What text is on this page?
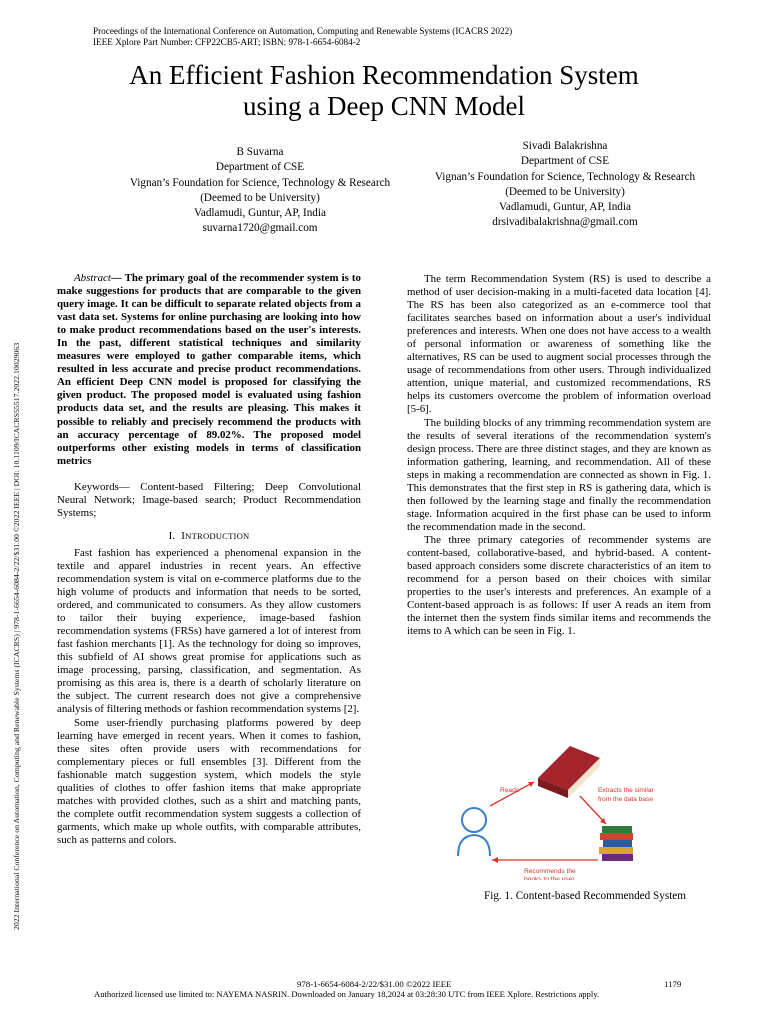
Proceedings of the International Conference on Automation, Computing and Renewable Systems (ICACRS 2022)
IEEE Xplore Part Number: CFP22CB5-ART; ISBN: 978-1-6654-6084-2
An Efficient Fashion Recommendation System
using a Deep CNN Model
B Suvarna
Department of CSE
Vignan’s Foundation for Science, Technology & Research
(Deemed to be University)
Vadlamudi, Guntur, AP, India
suvarna1720@gmail.com
Sivadi Balakrishna
Department of CSE
Vignan’s Foundation for Science, Technology & Research
(Deemed to be University)
Vadlamudi, Guntur, AP, India
drsivadibalakrishna@gmail.com
2022 International Conference on Automation, Computing and Renewable Systems (ICACRS) | 978-1-6654-6084-2/22/$31.00 ©2022 IEEE | DOI: 10.1109/ICACRS55517.2022.10029063

Abstract— The primary goal of the recommender system is to make suggestions for products that are comparable to the given query image. It can be difficult to separate related objects from a vast data set. Systems for online purchasing are looking into how to make product recommendations based on the user's interests. In the past, different statistical techniques and similarity measures were employed to gather comparable items, which resulted in less accurate and precise product recommendations. An efficient Deep CNN model is proposed for classifying the given product. The proposed model is evaluated using fashion products data set, and the results are pleasing. This makes it possible to reliably and precisely recommend the products with an accuracy percentage of 89.02%. The proposed model outperforms other existing models in terms of classification metrics

Keywords— Content-based Filtering; Deep Convolutional Neural Network; Image-based search; Product Recommendation Systems;

I. INTRODUCTION

Fast fashion has experienced a phenomenal expansion in the textile and apparel industries in recent years. An effective recommendation system is vital on e-commerce platforms due to the high volume of products and information that needs to be sorted, ordered, and communicated to consumers. As they allow customers to tailor their buying experience, image-based fashion recommendation systems (FRSs) have garnered a lot of interest from fast fashion merchants [1]. As the technology for doing so improves, this subfield of AI shows great promise for applications such as image processing, parsing, classification, and segmentation. As promising as this area is, there is a dearth of scholarly literature on the subject. The current research does not give a comprehensive analysis of filtering methods or fashion recommendation systems [2].

Some user-friendly purchasing platforms powered by deep learning have emerged in recent years. When it comes to fashion, these sites often provide users with recommendations for complementary pieces or full ensembles [3]. Different from the fashionable match suggestion system, which models the style qualities of clothes to offer fashion items that make appropriate matches with provided clothes, such as a shirt and matching pants, the complete outfit recommendation system suggests a collection of garments, which make up whole outfits, with comparable attributes, such as patterns and colors.

The term Recommendation System (RS) is used to describe a method of user decision-making in a multi-faceted data location [4]. The RS has been also categorized as an e-commerce tool that facilitates searches based on information about a user's individual preferences and interests. When one does not have access to a wealth of personal information or awareness of something like the alternatives, RS can be used to augment social processes through the usage of recommendations from other users. Through individualized attention, unique material, and customized recommendations, RS helps its customers overcome the problem of information overload [5-6].

The building blocks of any trimming recommendation system are the results of several iterations of the recommendation system's design process. There are three distinct stages, and they are known as information gathering, learning, and recommendation. All of these steps in making a recommendation are connected as shown in Fig. 1. This demonstrates that the first step in RS is gathering data, which is then followed by the learning stage and finally the recommendation stage. Information acquired in the first phase can be used to inform the recommendation made in the second.

The three primary categories of recommender systems are content-based, collaborative-based, and hybrid-based. A content-based approach considers some discrete characteristics of an item to recommend for a person based on their choices with similar properties to the user's interests and preferences. An example of a Content-based approach is as follows: If user A reads an item from the internet then the system finds similar items and recommends the items to A which can be seen in Fig. 1.

Reads	Extracts the similar
from the data base
Recommends the
books to the user
Fig. 1. Content-based Recommended System
978-1-6654-6084-2/22/$31.00 ©2022 IEEE	1179
Authorized licensed use limited to: NAYEMA NASRIN. Downloaded on January 18,2024 at 03:28:30 UTC from IEEE Xplore. Restrictions apply.
